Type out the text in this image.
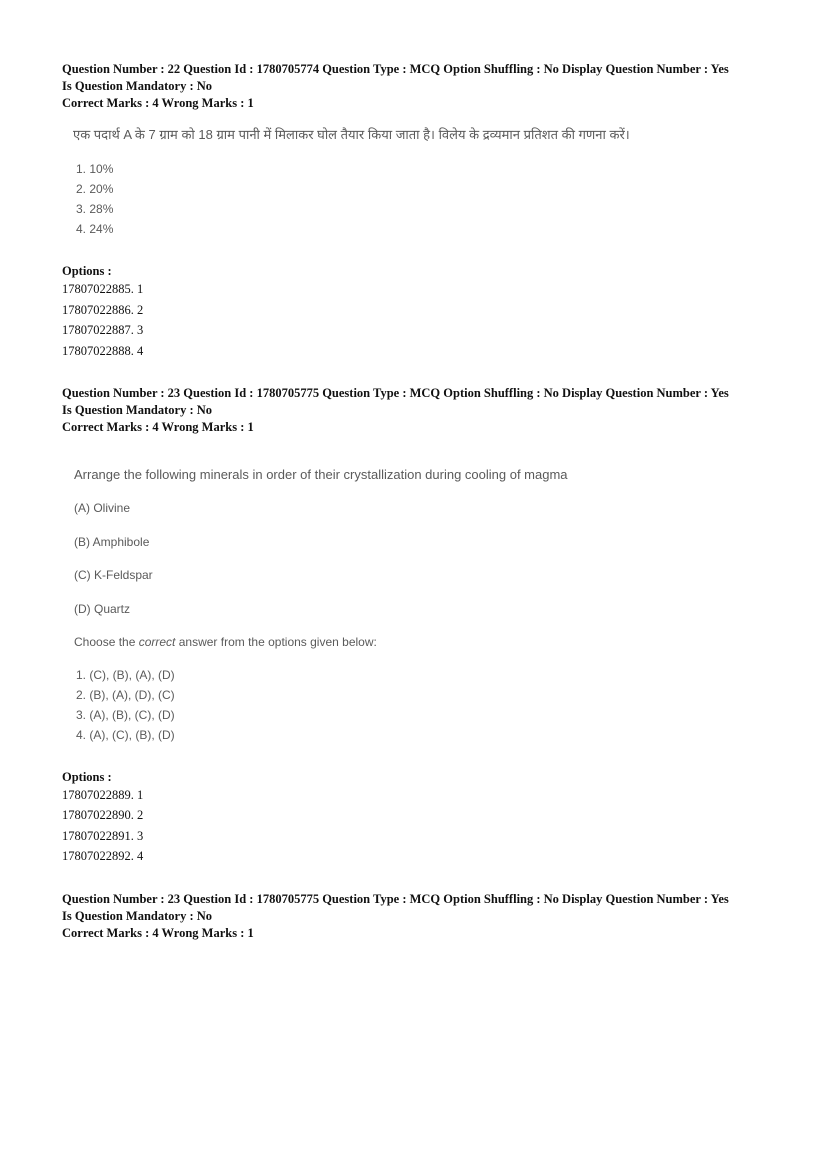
Question Number : 22 Question Id : 1780705774 Question Type : MCQ Option Shuffling : No Display Question Number : Yes
Is Question Mandatory : No
Correct Marks : 4 Wrong Marks : 1
एक पदार्थ A के 7 ग्राम को 18 ग्राम पानी में मिलाकर घोल तैयार किया जाता है। विलेय के द्रव्यमान प्रतिशत की गणना करें।
1. 10%
2. 20%
3. 28%
4. 24%
Options :
17807022885. 1
17807022886. 2
17807022887. 3
17807022888. 4
Question Number : 23 Question Id : 1780705775 Question Type : MCQ Option Shuffling : No Display Question Number : Yes
Is Question Mandatory : No
Correct Marks : 4 Wrong Marks : 1
Arrange the following minerals in order of their crystallization during cooling of magma
(A) Olivine
(B) Amphibole
(C) K-Feldspar
(D) Quartz
Choose the correct answer from the options given below:
1. (C), (B), (A), (D)
2. (B), (A), (D), (C)
3. (A), (B), (C), (D)
4. (A), (C), (B), (D)
Options :
17807022889. 1
17807022890. 2
17807022891. 3
17807022892. 4
Question Number : 23 Question Id : 1780705775 Question Type : MCQ Option Shuffling : No Display Question Number : Yes
Is Question Mandatory : No
Correct Marks : 4 Wrong Marks : 1
